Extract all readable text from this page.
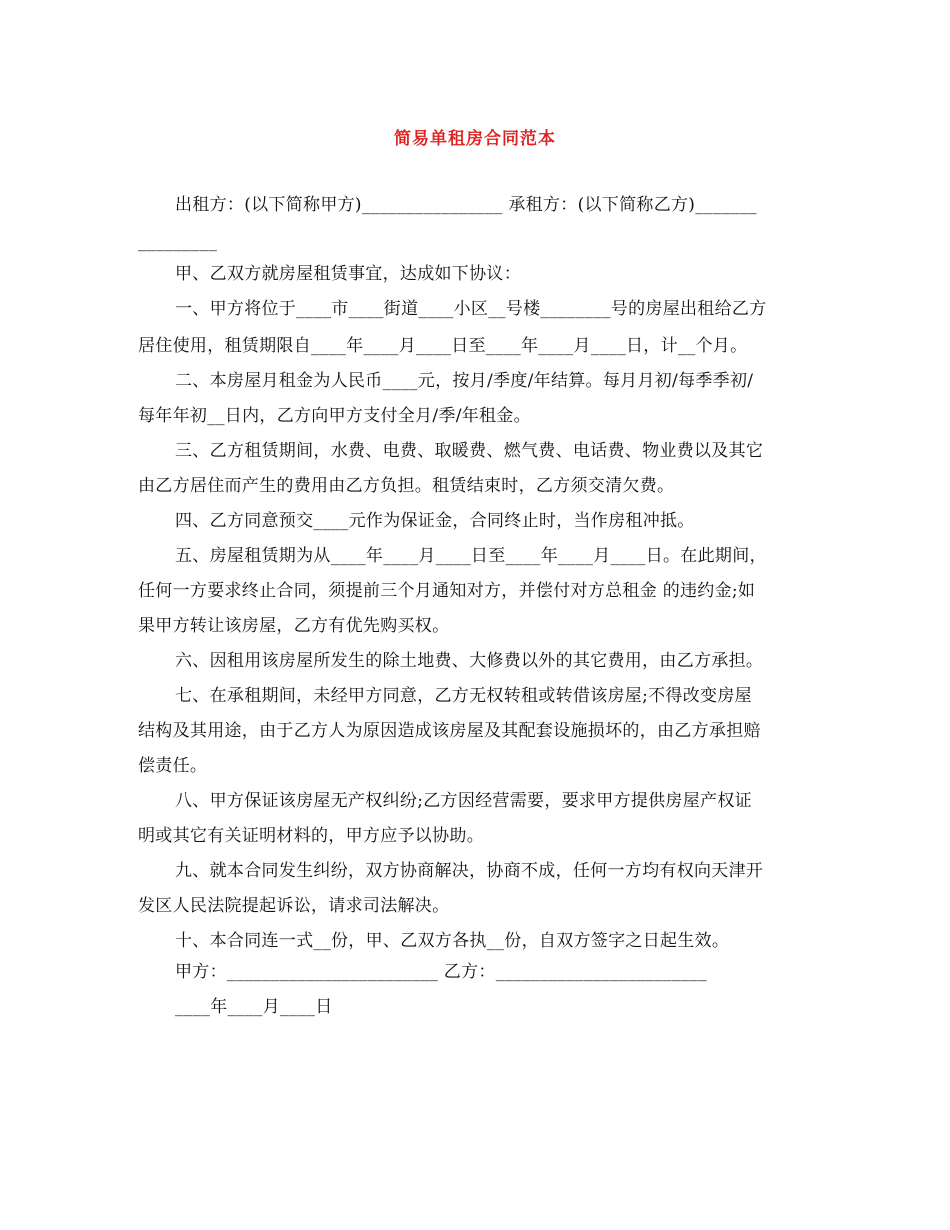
简易单租房合同范本
出租方：(以下简称甲方)________________ 承租方：(以下简称乙方)_______
_________
甲、乙双方就房屋租赁事宜，达成如下协议：
一、甲方将位于____市____街道____小区__号楼________号的房屋出租给乙方
居住使用，租赁期限自____年____月____日至____年____月____日，计__个月。
二、本房屋月租金为人民币____元，按月/季度/年结算。每月月初/每季季初/
每年年初__日内，乙方向甲方支付全月/季/年租金。
三、乙方租赁期间，水费、电费、取暖费、燃气费、电话费、物业费以及其它
由乙方居住而产生的费用由乙方负担。租赁结束时，乙方须交清欠费。
四、乙方同意预交____元作为保证金，合同终止时，当作房租冲抵。
五、房屋租赁期为从____年____月____日至____年____月____日。在此期间，
任何一方要求终止合同，须提前三个月通知对方，并偿付对方总租金 的违约金;如
果甲方转让该房屋，乙方有优先购买权。
六、因租用该房屋所发生的除土地费、大修费以外的其它费用，由乙方承担。
七、在承租期间，未经甲方同意，乙方无权转租或转借该房屋;不得改变房屋
结构及其用途，由于乙方人为原因造成该房屋及其配套设施损坏的，由乙方承担赔
偿责任。
八、甲方保证该房屋无产权纠纷;乙方因经营需要，要求甲方提供房屋产权证
明或其它有关证明材料的，甲方应予以协助。
九、就本合同发生纠纷，双方协商解决，协商不成，任何一方均有权向天津开
发区人民法院提起诉讼，请求司法解决。
十、本合同连一式__份，甲、乙双方各执__份，自双方签字之日起生效。
甲方：________________________ 乙方：________________________
____年____月____日
